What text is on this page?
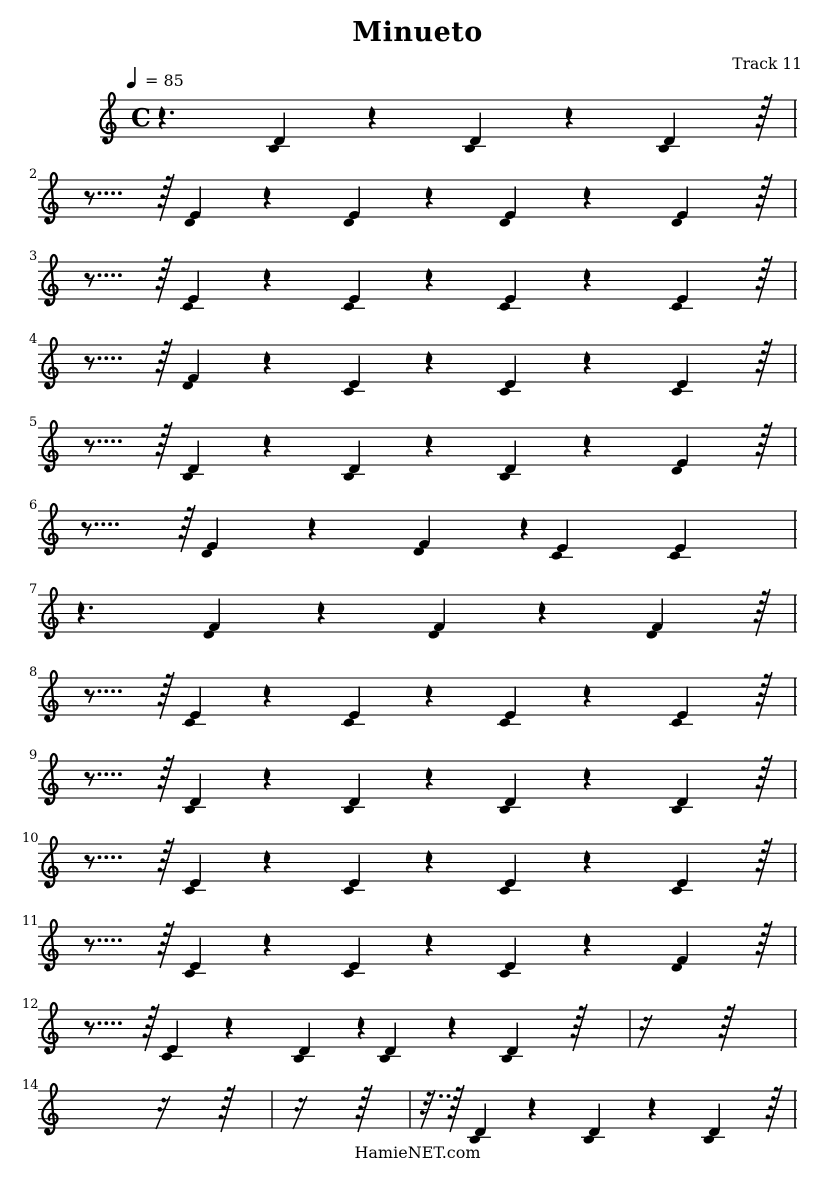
Minueto
Track 11
= 85
C
2
3
4
5
6
7
8
9
10
11
12
14
HamieNET.com
